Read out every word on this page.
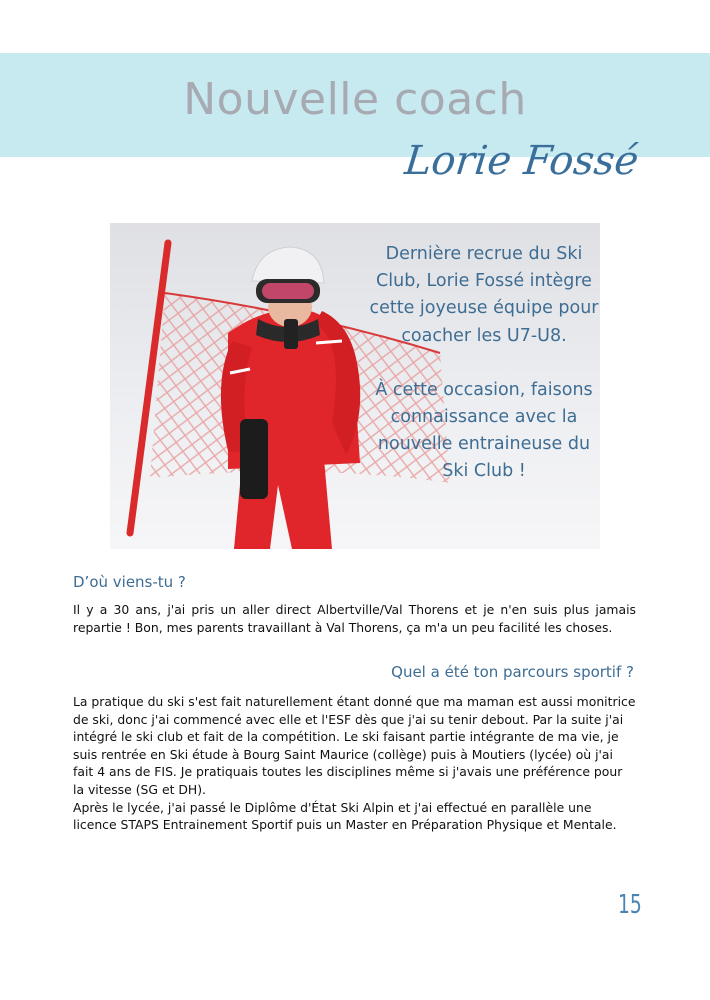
Nouvelle coach
Lorie Fossé

Dernière recrue du Ski Club, Lorie Fossé intègre cette joyeuse équipe pour coacher les U7-U8.

À cette occasion, faisons connaissance avec la nouvelle entraineuse du Ski Club !

D’où viens-tu ?

Il y a 30 ans, j'ai pris un aller direct Albertville/Val Thorens et je n'en suis plus jamais repartie ! Bon, mes parents travaillant à Val Thorens, ça m'a un peu facilité les choses.

Quel a été ton parcours sportif ?
La pratique du ski s'est fait naturellement étant donné que ma maman est aussi monitrice de ski, donc j'ai commencé avec elle et l'ESF dès que j'ai su tenir debout. Par la suite j'ai intégré le ski club et fait de la compétition. Le ski faisant partie intégrante de ma vie, je suis rentrée en Ski étude à Bourg Saint Maurice (collège) puis à Moutiers (lycée) où j'ai fait 4 ans de FIS. Je pratiquais toutes les disciplines même si j'avais une préférence pour la vitesse (SG et DH).
Après le lycée, j'ai passé le Diplôme d'État Ski Alpin et j'ai effectué en parallèle une licence STAPS Entrainement Sportif puis un Master en Préparation Physique et Mentale.
15
